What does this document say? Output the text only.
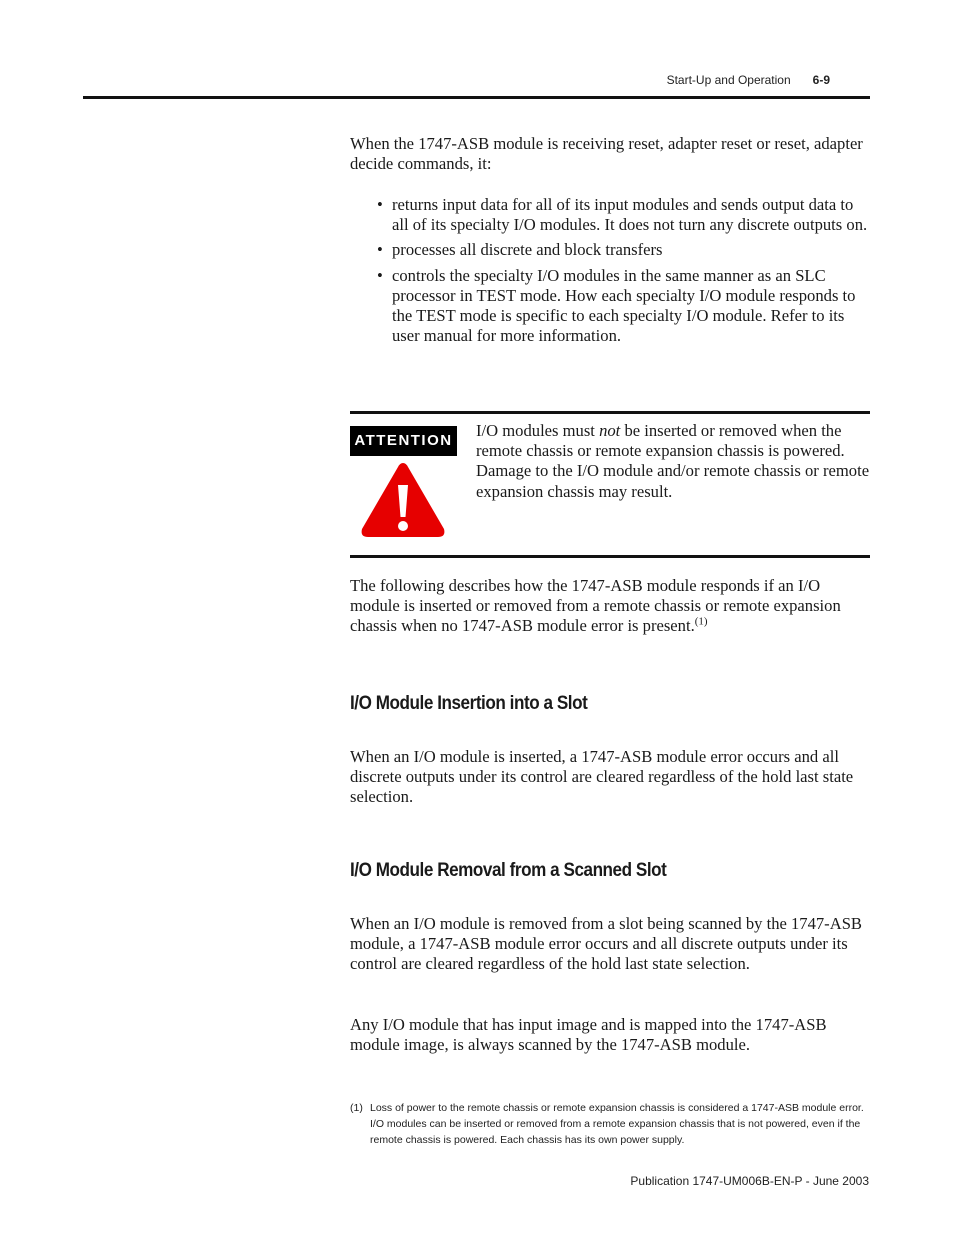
Start-Up and Operation 6-9

When the 1747-ASB module is receiving reset, adapter reset or reset, adapter decide commands, it:

• returns input data for all of its input modules and sends output data to all of its specialty I/O modules. It does not turn any discrete outputs on.
• processes all discrete and block transfers
• controls the specialty I/O modules in the same manner as an SLC processor in TEST mode. How each specialty I/O module responds to the TEST mode is specific to each specialty I/O module. Refer to its user manual for more information.
ATTENTION

I/O modules must not be inserted or removed when the remote chassis or remote expansion chassis is powered. Damage to the I/O module and/or remote chassis or remote expansion chassis may result.

The following describes how the 1747-ASB module responds if an I/O module is inserted or removed from a remote chassis or remote expansion chassis when no 1747-ASB module error is present.$^{(1)}$

I/O Module Insertion into a Slot

When an I/O module is inserted, a 1747-ASB module error occurs and all discrete outputs under its control are cleared regardless of the hold last state selection.

I/O Module Removal from a Scanned Slot

When an I/O module is removed from a slot being scanned by the 1747-ASB module, a 1747-ASB module error occurs and all discrete outputs under its control are cleared regardless of the hold last state selection.

Any I/O module that has input image and is mapped into the 1747-ASB module image, is always scanned by the 1747-ASB module.

(1) Loss of power to the remote chassis or remote expansion chassis is considered a 1747-ASB module error. I/O modules can be inserted or removed from a remote expansion chassis that is not powered, even if the remote chassis is powered. Each chassis has its own power supply.
Publication 1747-UM006B-EN-P - June 2003
